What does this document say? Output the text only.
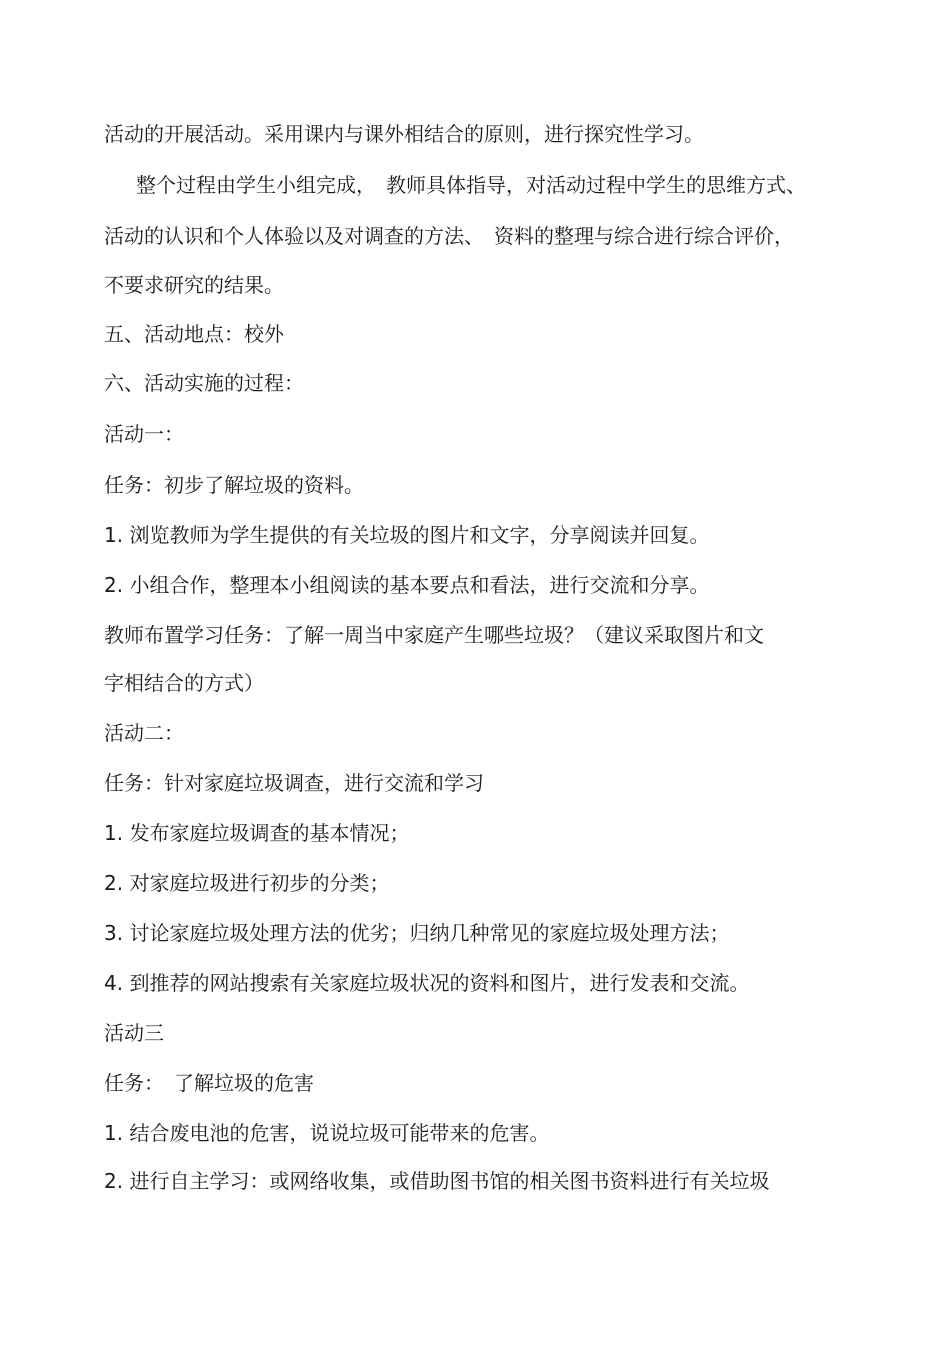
活动的开展活动。采用课内与课外相结合的原则，进行探究性学习。
整个过程由学生小组完成，　教师具体指导，对活动过程中学生的思维方式、
活动的认识和个人体验以及对调查的方法、　资料的整理与综合进行综合评价，
不要求研究的结果。
五、活动地点：校外
六、活动实施的过程：
活动一：
任务：初步了解垃圾的资料。
1. 浏览教师为学生提供的有关垃圾的图片和文字，分享阅读并回复。
2. 小组合作，整理本小组阅读的基本要点和看法，进行交流和分享。
教师布置学习任务：了解一周当中家庭产生哪些垃圾？（建议采取图片和文
字相结合的方式）
活动二：
任务：针对家庭垃圾调查，进行交流和学习
1. 发布家庭垃圾调查的基本情况；
2. 对家庭垃圾进行初步的分类；
3. 讨论家庭垃圾处理方法的优劣；归纳几种常见的家庭垃圾处理方法；
4. 到推荐的网站搜索有关家庭垃圾状况的资料和图片，进行发表和交流。
活动三
任务：　了解垃圾的危害
1. 结合废电池的危害，说说垃圾可能带来的危害。
2. 进行自主学习：或网络收集，或借助图书馆的相关图书资料进行有关垃圾
